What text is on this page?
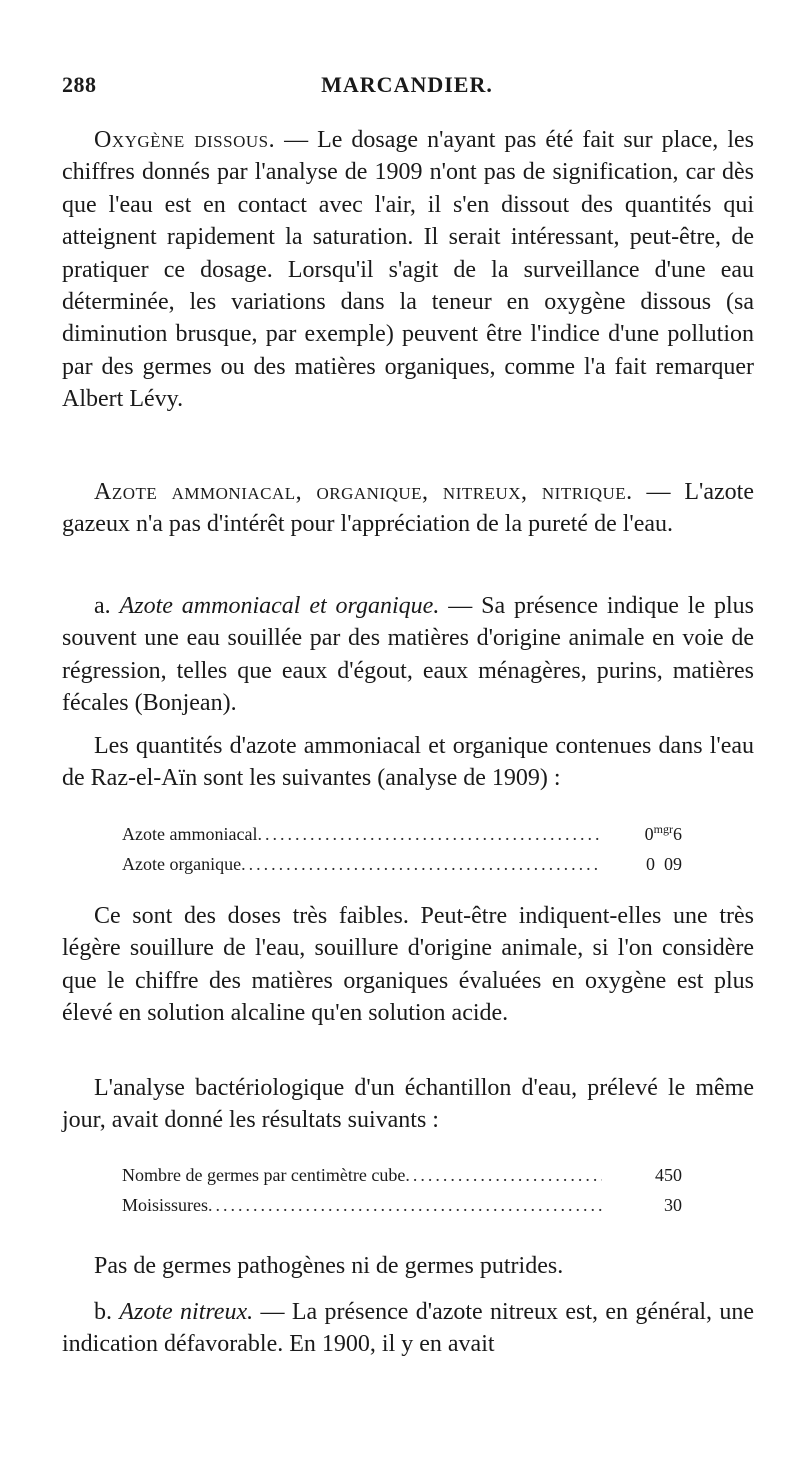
288	MARCANDIER.

Oxygène dissous. — Le dosage n'ayant pas été fait sur place, les chiffres donnés par l'analyse de 1909 n'ont pas de signification, car dès que l'eau est en contact avec l'air, il s'en dissout des quantités qui atteignent rapidement la saturation. Il serait intéressant, peut-être, de pratiquer ce dosage. Lorsqu'il s'agit de la surveillance d'une eau déterminée, les variations dans la teneur en oxygène dissous (sa diminution brusque, par exemple) peuvent être l'indice d'une pollution par des germes ou des matières organiques, comme l'a fait remarquer Albert Lévy.

Azote ammoniacal, organique, nitreux, nitrique. — L'azote gazeux n'a pas d'intérêt pour l'appréciation de la pureté de l'eau.

a. Azote ammoniacal et organique. — Sa présence indique le plus souvent une eau souillée par des matières d'origine animale en voie de régression, telles que eaux d'égout, eaux ménagères, purins, matières fécales (Bonjean).

Les quantités d'azote ammoniacal et organique contenues dans l'eau de Raz-el-Aïn sont les suivantes (analyse de 1909) :

Azote ammoniacal .....	$0^{mgr}6$
Azote organique .....	0  09

Ce sont des doses très faibles. Peut-être indiquent-elles une très légère souillure de l'eau, souillure d'origine animale, si l'on considère que le chiffre des matières organiques évaluées en oxygène est plus élevé en solution alcaline qu'en solution acide.

L'analyse bactériologique d'un échantillon d'eau, prélevé le même jour, avait donné les résultats suivants :

Nombre de germes par centimètre cube .....	450
Moisissures .....	30

Pas de germes pathogènes ni de germes putrides.

b. Azote nitreux. — La présence d'azote nitreux est, en général, une indication défavorable. En 1900, il y en avait
